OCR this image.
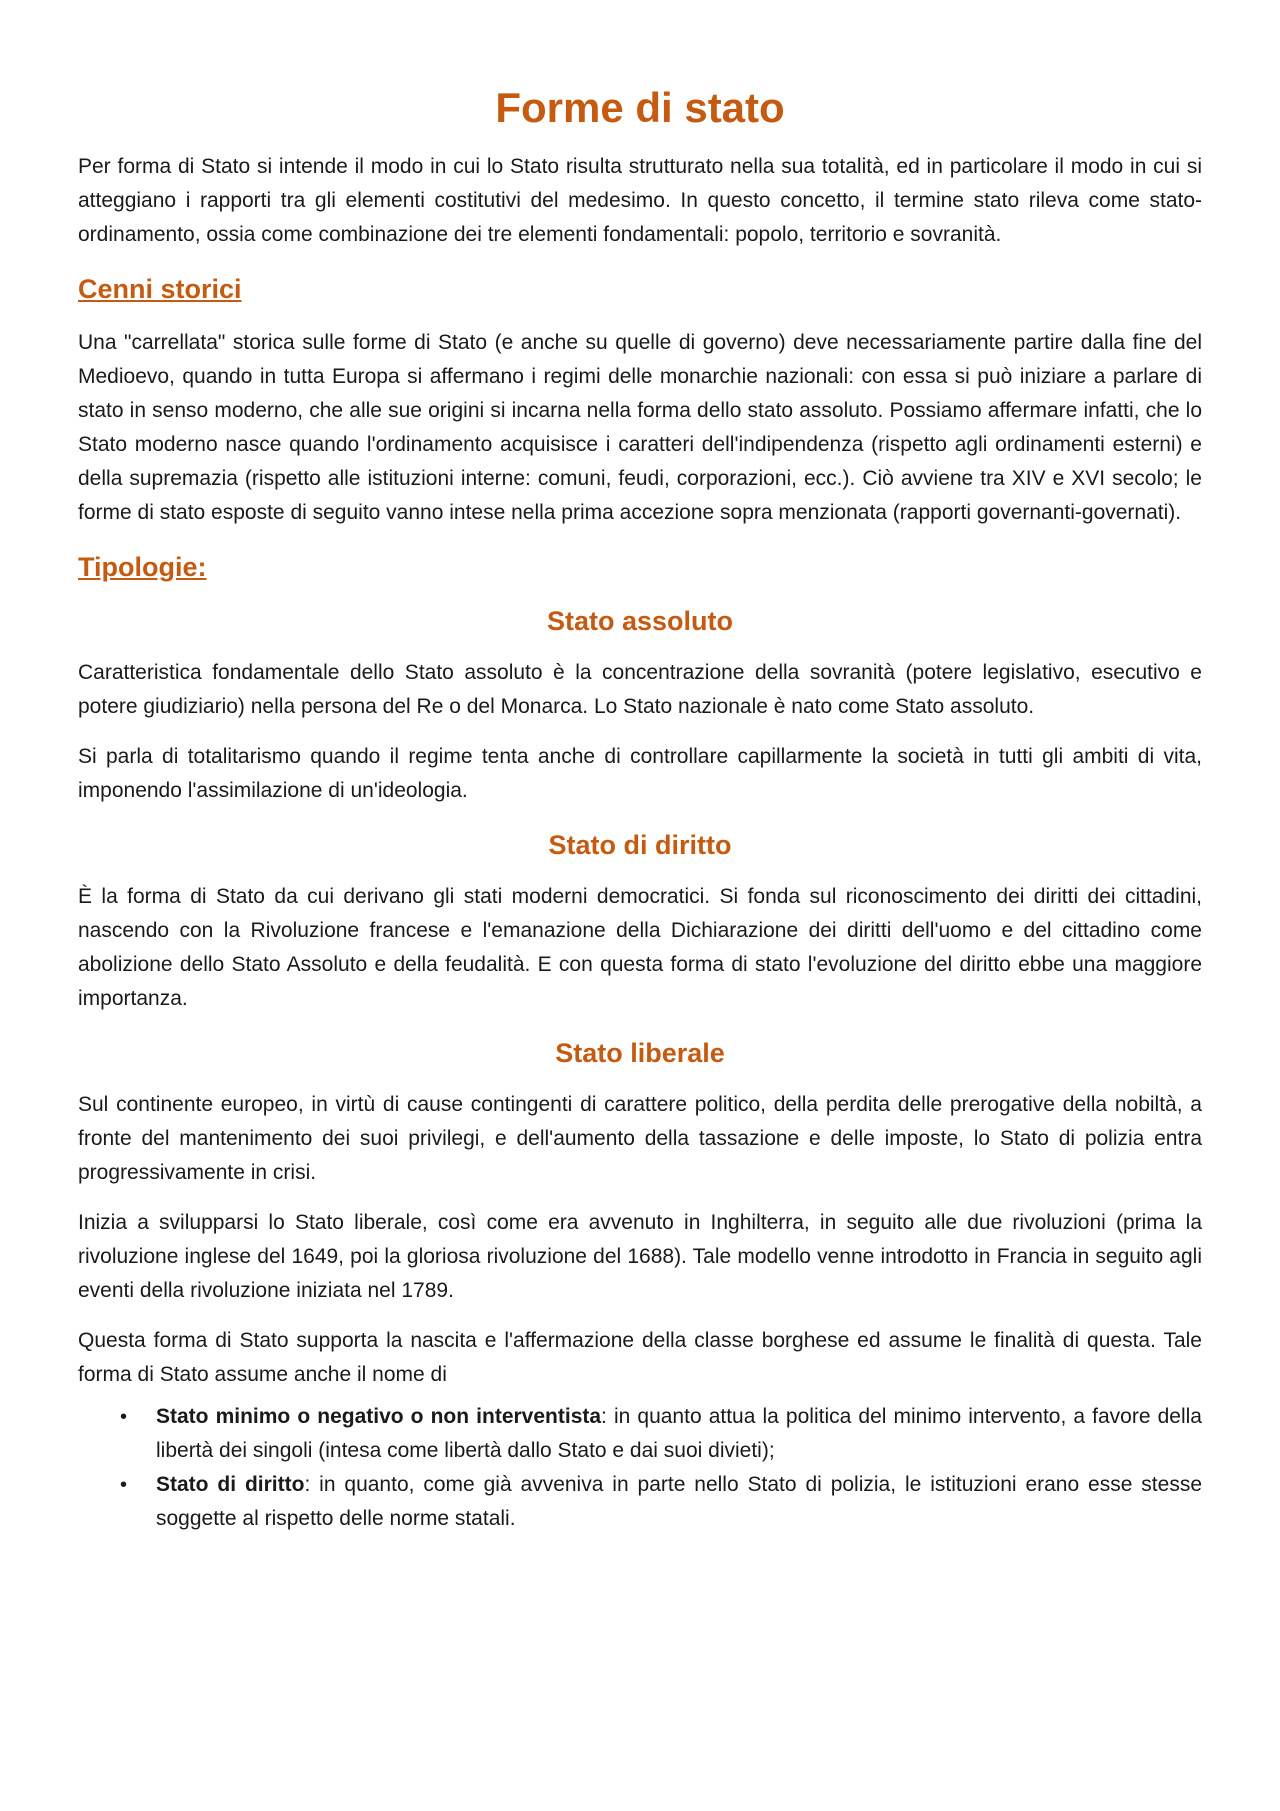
Forme di stato

Per forma di Stato si intende il modo in cui lo Stato risulta strutturato nella sua totalità, ed in particolare il modo in cui si atteggiano i rapporti tra gli elementi costitutivi del medesimo. In questo concetto, il termine stato rileva come stato-ordinamento, ossia come combinazione dei tre elementi fondamentali: popolo, territorio e sovranità.

Cenni storici

Una "carrellata" storica sulle forme di Stato (e anche su quelle di governo) deve necessariamente partire dalla fine del Medioevo, quando in tutta Europa si affermano i regimi delle monarchie nazionali: con essa si può iniziare a parlare di stato in senso moderno, che alle sue origini si incarna nella forma dello stato assoluto. Possiamo affermare infatti, che lo Stato moderno nasce quando l'ordinamento acquisisce i caratteri dell'indipendenza (rispetto agli ordinamenti esterni) e della supremazia (rispetto alle istituzioni interne: comuni, feudi, corporazioni, ecc.). Ciò avviene tra XIV e XVI secolo; le forme di stato esposte di seguito vanno intese nella prima accezione sopra menzionata (rapporti governanti-governati).

Tipologie:
Stato assoluto

Caratteristica fondamentale dello Stato assoluto è la concentrazione della sovranità (potere legislativo, esecutivo e potere giudiziario) nella persona del Re o del Monarca. Lo Stato nazionale è nato come Stato assoluto.

Si parla di totalitarismo quando il regime tenta anche di controllare capillarmente la società in tutti gli ambiti di vita, imponendo l'assimilazione di un'ideologia.

Stato di diritto

È la forma di Stato da cui derivano gli stati moderni democratici. Si fonda sul riconoscimento dei diritti dei cittadini, nascendo con la Rivoluzione francese e l'emanazione della Dichiarazione dei diritti dell'uomo e del cittadino come abolizione dello Stato Assoluto e della feudalità. E con questa forma di stato l'evoluzione del diritto ebbe una maggiore importanza.

Stato liberale

Sul continente europeo, in virtù di cause contingenti di carattere politico, della perdita delle prerogative della nobiltà, a fronte del mantenimento dei suoi privilegi, e dell'aumento della tassazione e delle imposte, lo Stato di polizia entra progressivamente in crisi.

Inizia a svilupparsi lo Stato liberale, così come era avvenuto in Inghilterra, in seguito alle due rivoluzioni (prima la rivoluzione inglese del 1649, poi la gloriosa rivoluzione del 1688). Tale modello venne introdotto in Francia in seguito agli eventi della rivoluzione iniziata nel 1789.

Questa forma di Stato supporta la nascita e l'affermazione della classe borghese ed assume le finalità di questa. Tale forma di Stato assume anche il nome di

• Stato minimo o negativo o non interventista: in quanto attua la politica del minimo intervento, a favore della libertà dei singoli (intesa come libertà dallo Stato e dai suoi divieti);
• Stato di diritto: in quanto, come già avveniva in parte nello Stato di polizia, le istituzioni erano esse stesse soggette al rispetto delle norme statali.
